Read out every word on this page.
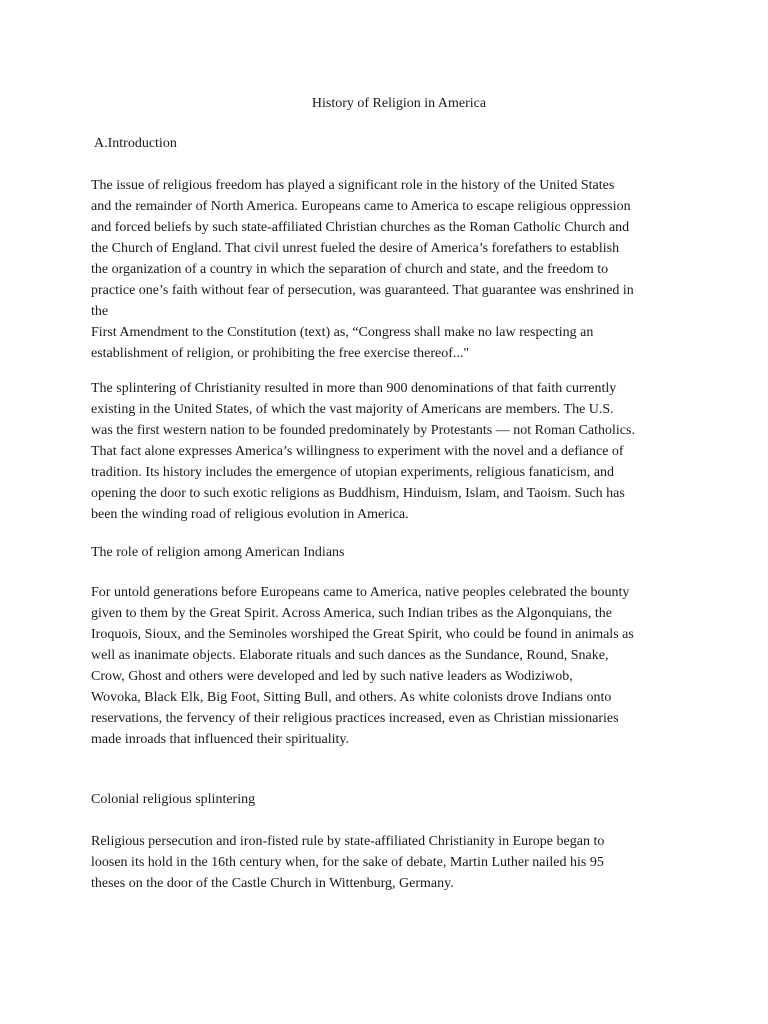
History of Religion in America
A.Introduction

The issue of religious freedom has played a significant role in the history of the United States
and the remainder of North America. Europeans came to America to escape religious oppression
and forced beliefs by such state-affiliated Christian churches as the Roman Catholic Church and
the Church of England. That civil unrest fueled the desire of America’s forefathers to establish
the organization of a country in which the separation of church and state, and the freedom to
practice one’s faith without fear of persecution, was guaranteed. That guarantee was enshrined in
the
First Amendment to the Constitution (text) as, “Congress shall make no law respecting an
establishment of religion, or prohibiting the free exercise thereof..."

The splintering of Christianity resulted in more than 900 denominations of that faith currently
existing in the United States, of which the vast majority of Americans are members. The U.S.
was the first western nation to be founded predominately by Protestants — not Roman Catholics.
That fact alone expresses America’s willingness to experiment with the novel and a defiance of
tradition. Its history includes the emergence of utopian experiments, religious fanaticism, and
opening the door to such exotic religions as Buddhism, Hinduism, Islam, and Taoism. Such has
been the winding road of religious evolution in America.

The role of religion among American Indians

For untold generations before Europeans came to America, native peoples celebrated the bounty
given to them by the Great Spirit. Across America, such Indian tribes as the Algonquians, the
Iroquois, Sioux, and the Seminoles worshiped the Great Spirit, who could be found in animals as
well as inanimate objects. Elaborate rituals and such dances as the Sundance, Round, Snake,
Crow, Ghost and others were developed and led by such native leaders as Wodiziwob,
Wovoka, Black Elk, Big Foot, Sitting Bull, and others. As white colonists drove Indians onto
reservations, the fervency of their religious practices increased, even as Christian missionaries
made inroads that influenced their spirituality.

Colonial religious splintering

Religious persecution and iron-fisted rule by state-affiliated Christianity in Europe began to
loosen its hold in the 16th century when, for the sake of debate, Martin Luther nailed his 95
theses on the door of the Castle Church in Wittenburg, Germany.
